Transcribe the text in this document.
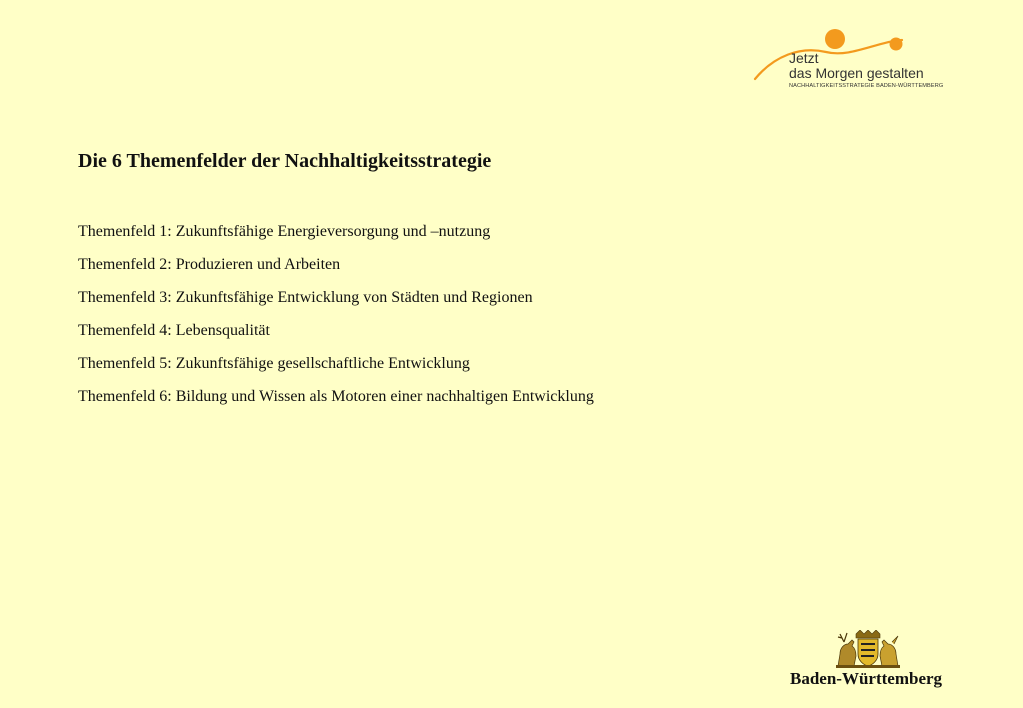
Jetzt
das Morgen gestalten
NACHHALTIGKEITSSTRATEGIE BADEN-WÜRTTEMBERG
Die 6 Themenfelder der Nachhaltigkeitsstrategie
Themenfeld 1: Zukunftsfähige Energieversorgung und –nutzung
Themenfeld 2: Produzieren und Arbeiten
Themenfeld 3: Zukunftsfähige Entwicklung von Städten und Regionen
Themenfeld 4: Lebensqualität
Themenfeld 5: Zukunftsfähige gesellschaftliche Entwicklung
Themenfeld 6: Bildung und Wissen als Motoren einer nachhaltigen Entwicklung
Baden-Württemberg
